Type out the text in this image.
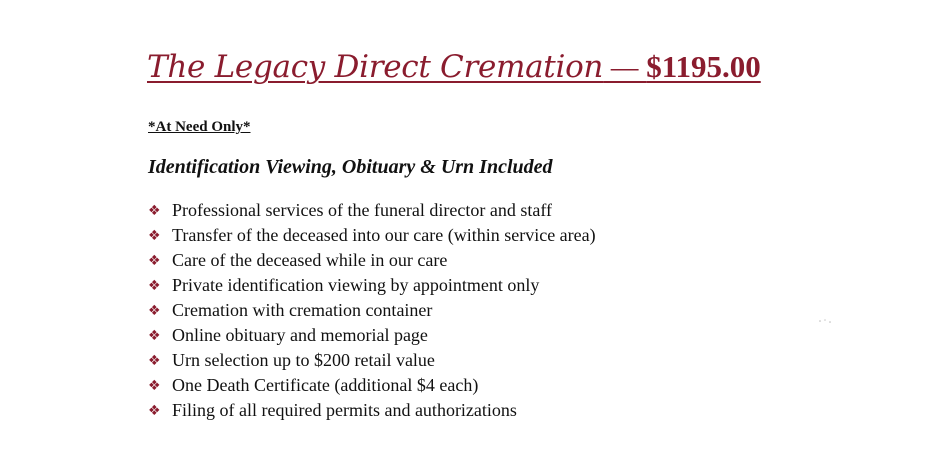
The Legacy Direct Cremation — $1195.00
*At Need Only*
Identification Viewing, Obituary & Urn Included
❖ Professional services of the funeral director and staff
❖ Transfer of the deceased into our care (within service area)
❖ Care of the deceased while in our care
❖ Private identification viewing by appointment only
❖ Cremation with cremation container
❖ Online obituary and memorial page
❖ Urn selection up to $200 retail value
❖ One Death Certificate (additional $4 each)
❖ Filing of all required permits and authorizations
